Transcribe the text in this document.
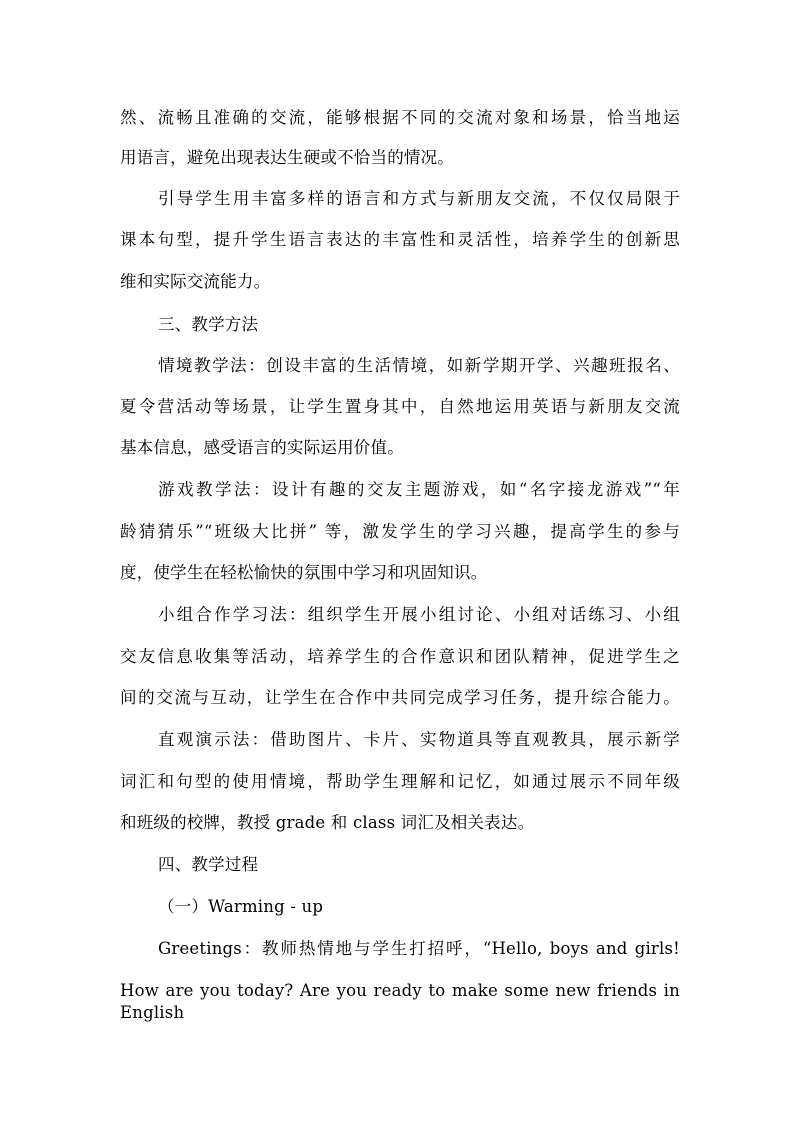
然、流畅且准确的交流，能够根据不同的交流对象和场景，恰当地运
用语言，避免出现表达生硬或不恰当的情况。
引导学生用丰富多样的语言和方式与新朋友交流，不仅仅局限于
课本句型，提升学生语言表达的丰富性和灵活性，培养学生的创新思
维和实际交流能力。
三、教学方法
情境教学法：创设丰富的生活情境，如新学期开学、兴趣班报名、
夏令营活动等场景，让学生置身其中，自然地运用英语与新朋友交流
基本信息，感受语言的实际运用价值。
游戏教学法：设计有趣的交友主题游戏，如“名字接龙游戏”“年
龄猜猜乐”“班级大比拼” 等，激发学生的学习兴趣，提高学生的参与
度，使学生在轻松愉快的氛围中学习和巩固知识。
小组合作学习法：组织学生开展小组讨论、小组对话练习、小组
交友信息收集等活动，培养学生的合作意识和团队精神，促进学生之
间的交流与互动，让学生在合作中共同完成学习任务，提升综合能力。
直观演示法：借助图片、卡片、实物道具等直观教具，展示新学
词汇和句型的使用情境，帮助学生理解和记忆，如通过展示不同年级
和班级的校牌，教授 grade 和 class 词汇及相关表达。
四、教学过程
（一）Warming - up
Greetings：教师热情地与学生打招呼，“Hello, boys and girls!
How are you today? Are you ready to make some new friends in English
